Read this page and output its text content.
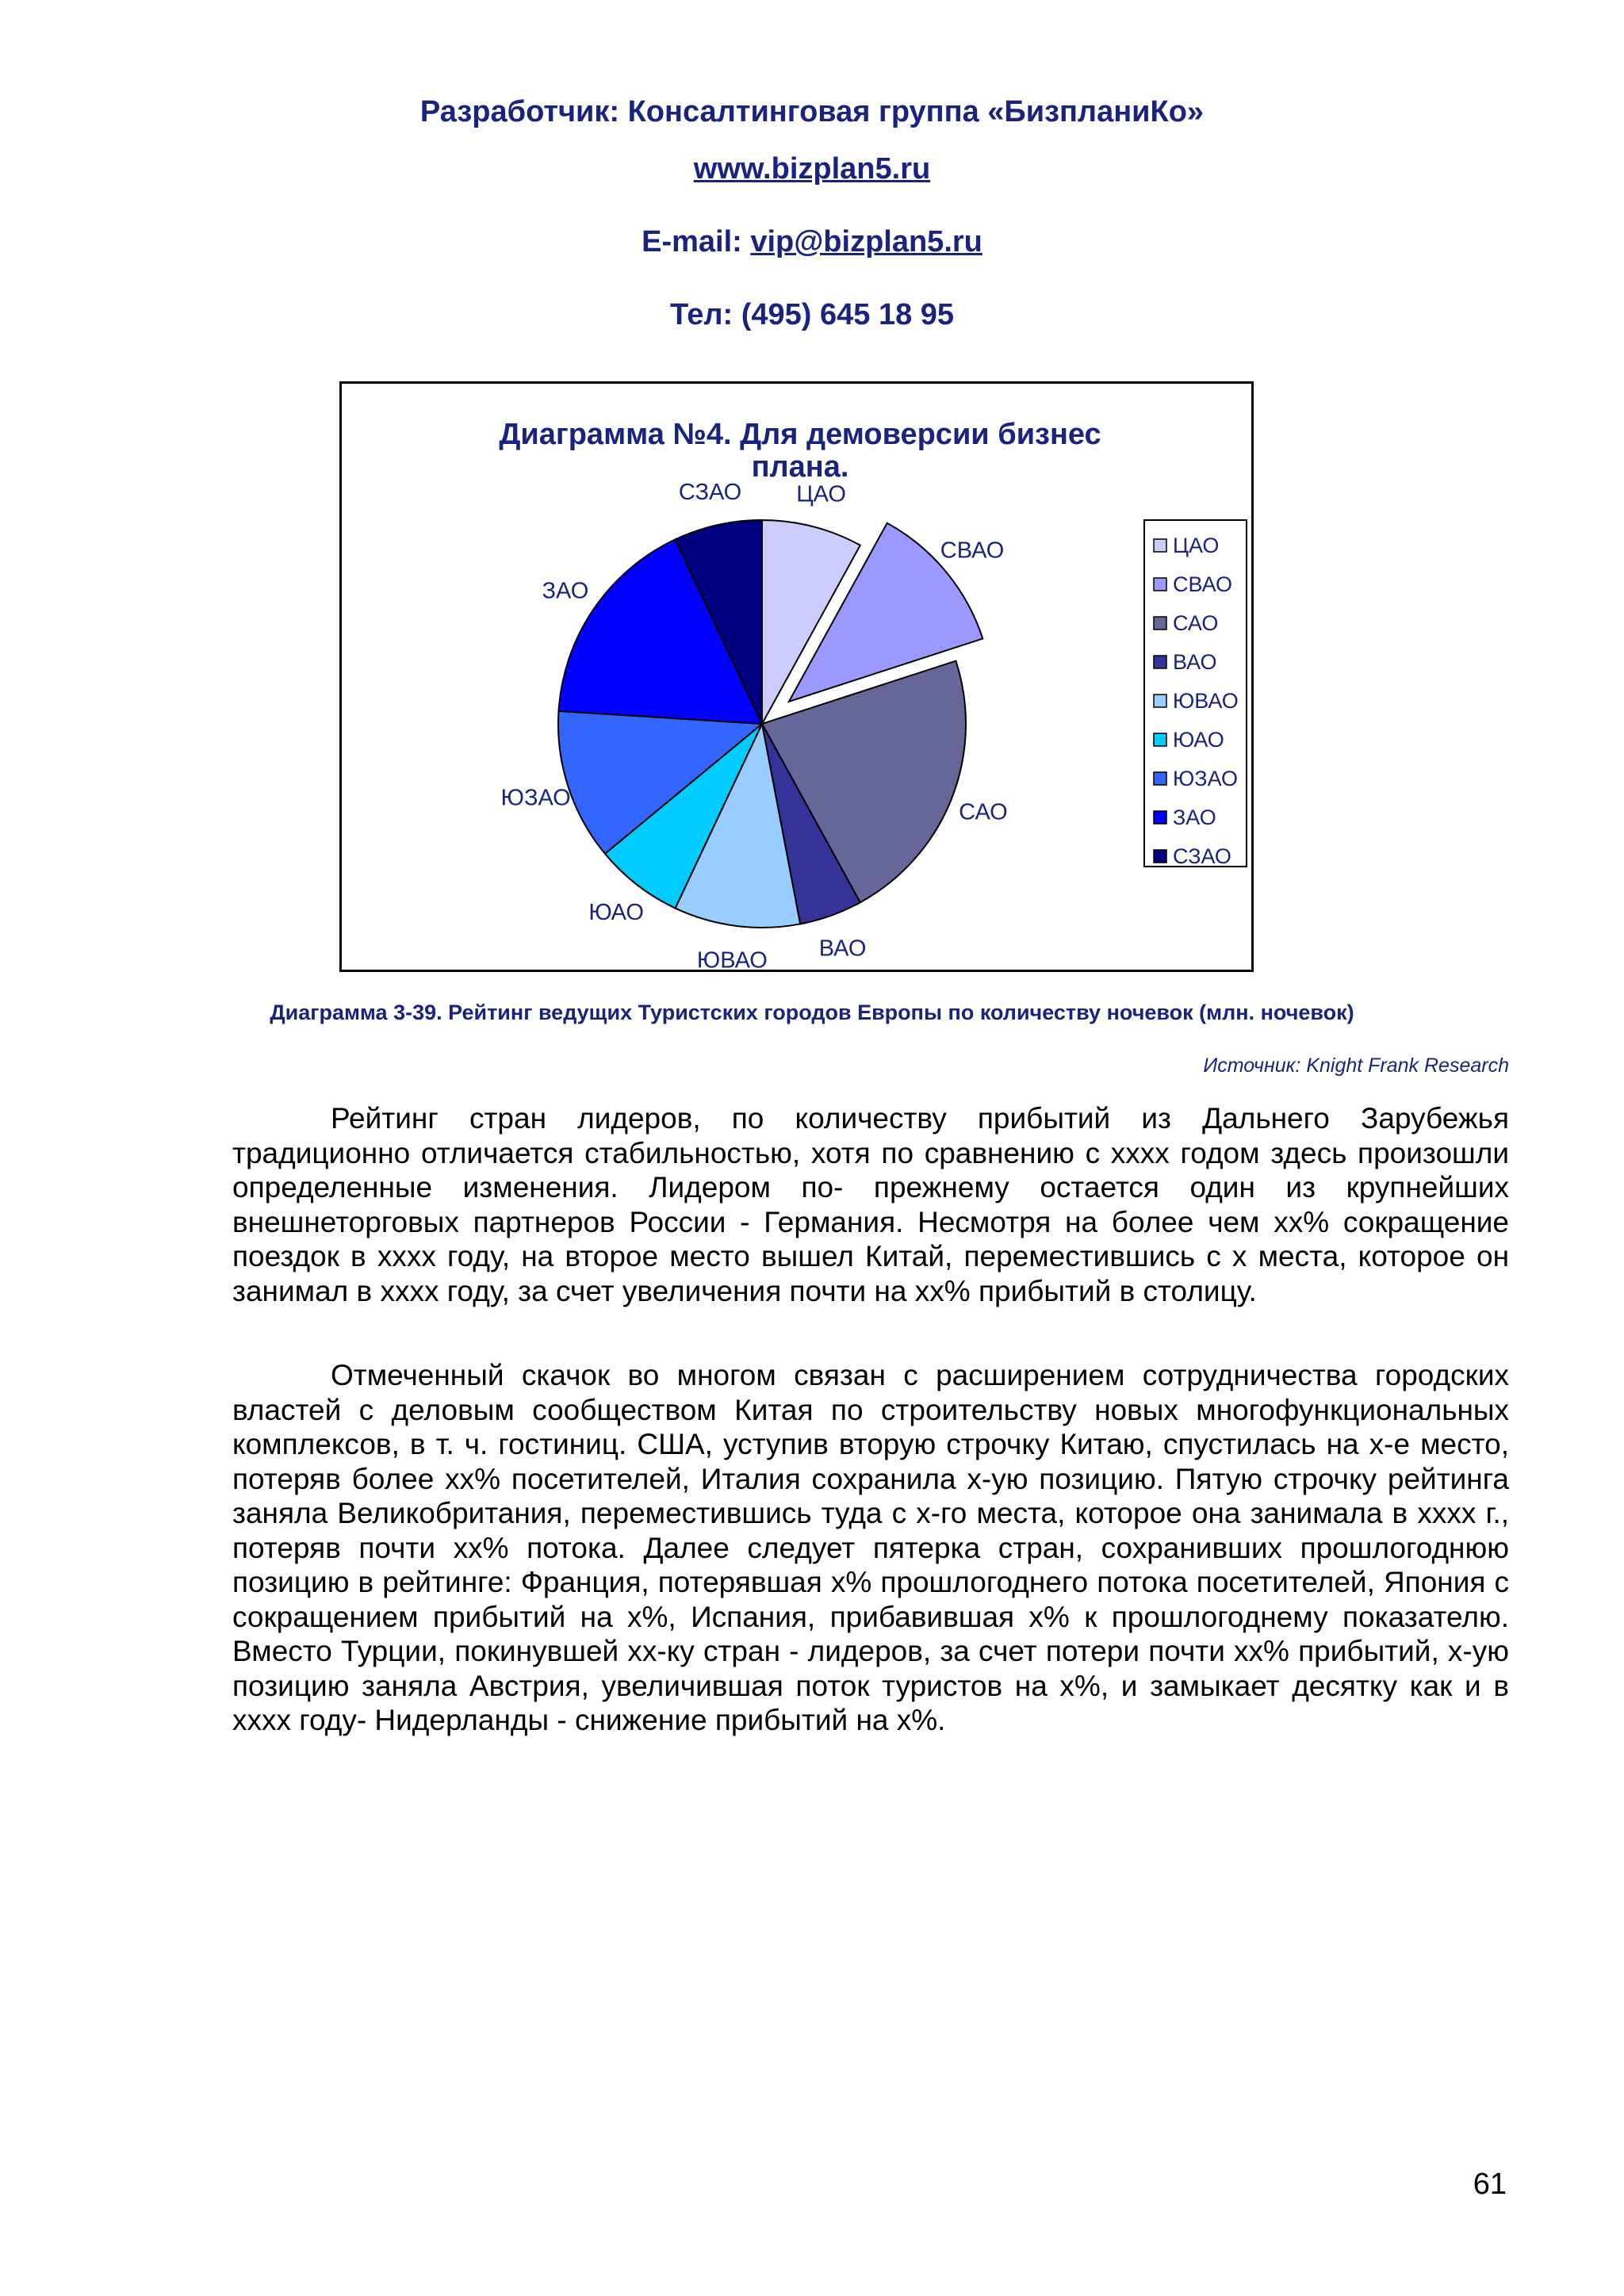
Разработчик: Консалтинговая группа «БизпланиКо»
www.bizplan5.ru
E-mail: vip@bizplan5.ru
Тел: (495) 645 18 95
Диаграмма №4. Для демоверсии бизнес
плана.
ЦАО
СВАО
САО
ВАО
ЮВАО
ЮАО
ЮЗАО
ЗАО
СЗАО
ЦАО
СВАО
САО
ВАО
ЮВАО
ЮАО
ЮЗАО
ЗАО
СЗАО
Диаграмма 3-39. Рейтинг ведущих Туристских городов Европы по количеству ночевок (млн. ночевок)
Источник: Knight Frank Research

Рейтинг стран лидеров, по количеству прибытий из Дальнего Зарубежья традиционно отличается стабильностью, хотя по сравнению с хххх годом здесь произошли определенные изменения. Лидером по- прежнему остается один из крупнейших внешнеторговых партнеров России - Германия. Несмотря на более чем хх% сокращение поездок в хххх году, на второе место вышел Китай, переместившись с х места, которое он занимал в хххх году, за счет увеличения почти на хх% прибытий в столицу.

Отмеченный скачок во многом связан с расширением сотрудничества городских властей с деловым сообществом Китая по строительству новых многофункциональных комплексов, в т. ч. гостиниц. США, уступив вторую строчку Китаю, спустилась на х-е место, потеряв более хх% посетителей, Италия сохранила х-ую позицию. Пятую строчку рейтинга заняла Великобритания, переместившись туда с х-го места, которое она занимала в хххх г., потеряв почти хх% потока. Далее следует пятерка стран, сохранивших прошлогоднюю позицию в рейтинге: Франция, потерявшая х% прошлогоднего потока посетителей, Япония с сокращением прибытий на х%, Испания, прибавившая х% к прошлогоднему показателю. Вместо Турции, покинувшей хх-ку стран - лидеров, за счет потери почти хх% прибытий, х-ую позицию заняла Австрия, увеличившая поток туристов на х%, и замыкает десятку как и в хххх году- Нидерланды - снижение прибытий на х%.

61
